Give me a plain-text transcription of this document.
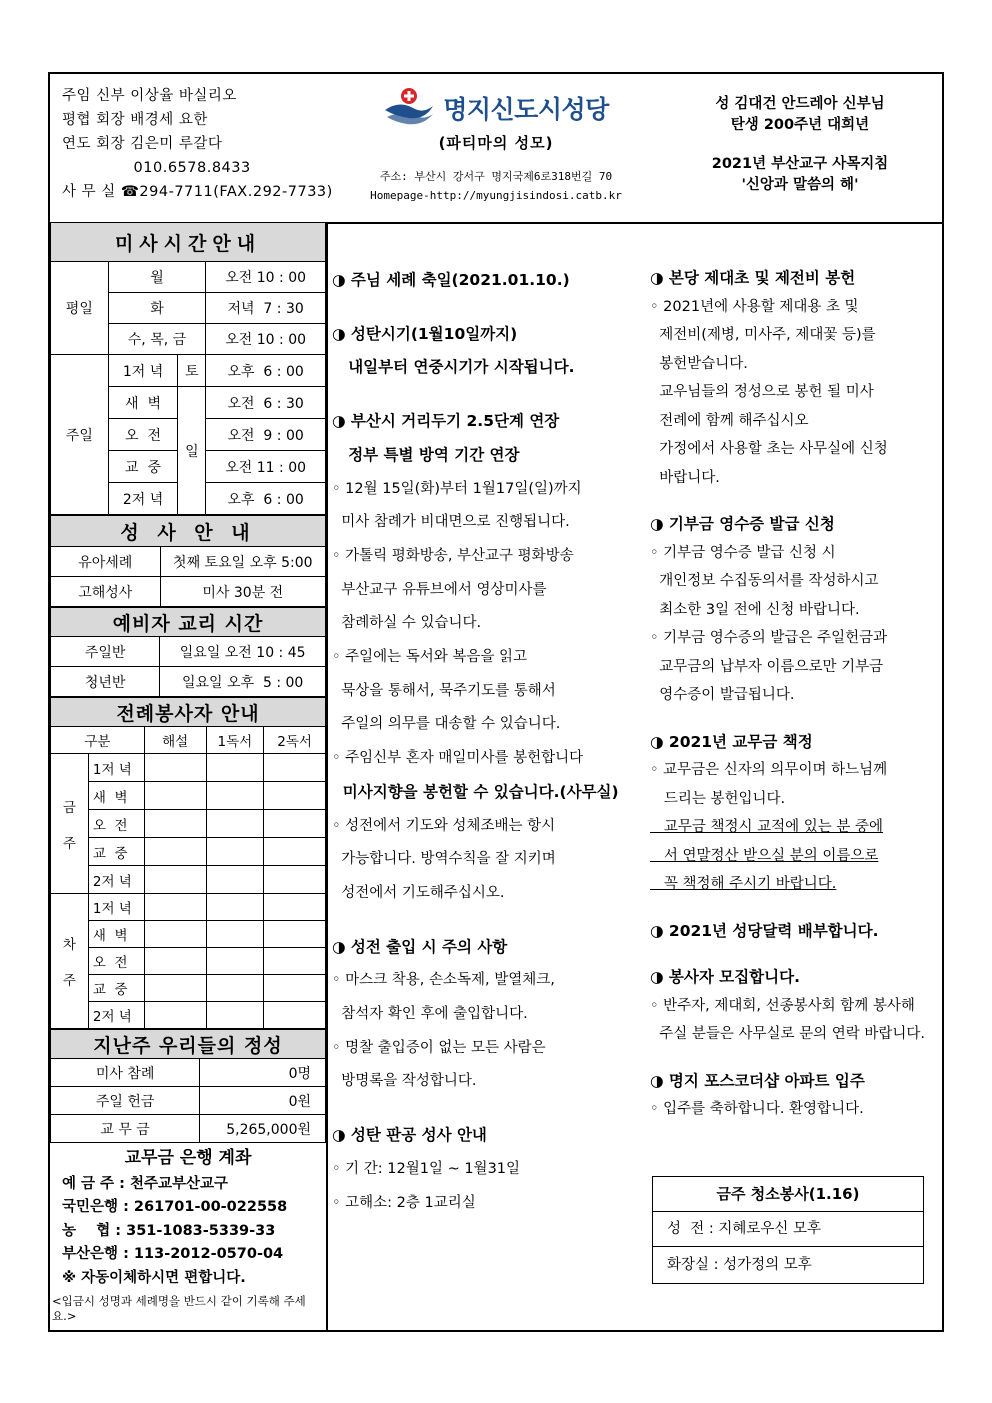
주임 신부 이상율 바실리오
평협 회장 배경세 요한
연도 회장 김은미 루갈다
010.6578.8433
사 무 실 ☎294-7711(FAX.292-7733)
명지신도시성당
(파티마의 성모)
주소: 부산시 강서구 명지국제6로318번길 70
Homepage-http://myungjisindosi.catb.kr
성 김대건 안드레아 신부님
탄생 200주년 대희년
2021년 부산교구 사목지침
'신앙과 말씀의 해'
미사시간안내			
평일	월		오전 10 : 00
	화		저녁  7 : 30
	수, 목, 금		오전 10 : 00
주일	1저 녁	토	오후  6 : 00
	새  벽	일	오전  6 : 30
	오  전		오전  9 : 00
	교  중		오전 11 : 00
	2저 녁		오후  6 : 00
성 사 안 내	
유아세례	첫째 토요일 오후 5:00
고해성사	미사 30분 전
예비자 교리 시간	
주일반	일요일 오전 10 : 45
청년반	일요일 오후  5 : 00
전례봉사자 안내				
구분		해설	1독서	2독서
금

주	1저 녁			
	새  벽			
	오  전			
	교  중			
	2저 녁			
차

주	1저 녁			
	새  벽			
	오  전			
	교  중			
	2저 녁			
지난주 우리들의 정성	
미사 참례	0명
주일 헌금	0원
교 무 금	5,265,000원
교무금 은행 계좌
예 금 주 : 천주교부산교구
국민은행 : 261701-00-022558
농    협 : 351-1083-5339-33
부산은행 : 113-2012-0570-04
※ 자동이체하시면 편합니다.
<입금시 성명과 세례명을 반드시 같이 기록해 주세요.>
◑ 주님 세례 축일(2021.01.10.)
◑ 성탄시기(1월10일까지)
내일부터 연중시기가 시작됩니다.
◑ 부산시 거리두기 2.5단계 연장
정부 특별 방역 기간 연장
◦ 12월 15일(화)부터 1월17일(일)까지
미사 참례가 비대면으로 진행됩니다.
◦ 가톨릭 평화방송, 부산교구 평화방송
부산교구 유튜브에서 영상미사를
참례하실 수 있습니다.
◦ 주일에는 독서와 복음을 읽고
묵상을 통해서, 묵주기도를 통해서
주일의 의무를 대송할 수 있습니다.
◦ 주임신부 혼자 매일미사를 봉헌합니다
미사지향을 봉헌할 수 있습니다.(사무실)
◦ 성전에서 기도와 성체조배는 항시
가능합니다. 방역수칙을 잘 지키며
성전에서 기도해주십시오.
◑ 성전 출입 시 주의 사항
◦ 마스크 착용, 손소독제, 발열체크,
참석자 확인 후에 출입합니다.
◦ 명찰 출입증이 없는 모든 사람은
방명록을 작성합니다.
◑ 성탄 판공 성사 안내
◦ 기 간: 12월1일 ~ 1월31일
◦ 고해소: 2층 1교리실
◑ 본당 제대초 및 제전비 봉헌
◦ 2021년에 사용할 제대용 초 및
제전비(제병, 미사주, 제대꽃 등)를
봉헌받습니다.
교우님들의 정성으로 봉헌 될 미사
전례에 함께 해주십시오
가정에서 사용할 초는 사무실에 신청
바랍니다.
◑ 기부금 영수증 발급 신청
◦ 기부금 영수증 발급 신청 시
개인정보 수집동의서를 작성하시고
최소한 3일 전에 신청 바랍니다.
◦ 기부금 영수증의 발급은 주일헌금과
교무금의 납부자 이름으로만 기부금
영수증이 발급됩니다.
◑ 2021년 교무금 책정
◦ 교무금은 신자의 의무이며 하느님께
드리는 봉헌입니다.
교무금 책정시 교적에 있는 분 중에
서 연말정산 받으실 분의 이름으로
꼭 책정해 주시기 바랍니다.
◑ 2021년 성당달력 배부합니다.
◑ 봉사자 모집합니다.
◦ 반주자, 제대회, 선종봉사회 함께 봉사해
주실 분들은 사무실로 문의 연락 바랍니다.
◑ 명지 포스코더샵 아파트 입주
◦ 입주를 축하합니다. 환영합니다.
금주 청소봉사(1.16)
성  전 : 지혜로우신 모후
화장실 : 성가정의 모후
